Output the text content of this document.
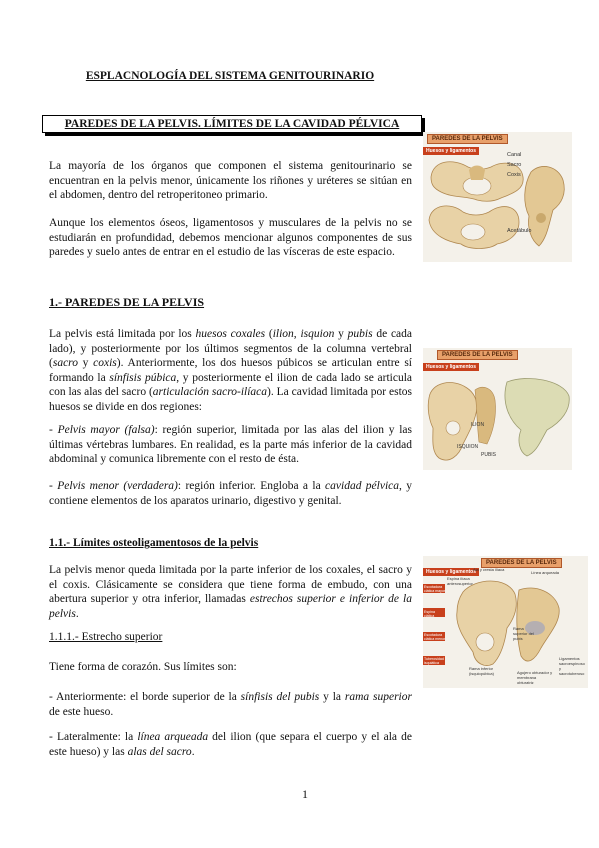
ESPLACNOLOGÍA DEL SISTEMA GENITOURINARIO
PAREDES DE LA PELVIS. LÍMITES DE LA CAVIDAD PÉLVICA
La mayoría de los órganos que componen el sistema genitourinario se encuentran en la pelvis menor, únicamente los riñones y uréteres se sitúan en el abdomen, dentro del retroperitoneo primario.
Aunque los elementos óseos, ligamentosos y musculares de la pelvis no se estudiarán en profundidad, debemos mencionar algunos componentes de sus paredes y suelo antes de entrar en el estudio de las vísceras de este espacio.
1.- PAREDES DE LA PELVIS
La pelvis está limitada por los huesos coxales (ilion, isquion y pubis de cada lado), y posteriormente por los últimos segmentos de la columna vertebral (sacro y coxis). Anteriormente, los dos huesos púbicos se articulan entre sí formando la sínfisis púbica, y posteriormente el ilion de cada lado se articula con las alas del sacro (articulación sacro-ilíaca). La cavidad limitada por estos huesos se divide en dos regiones:
- Pelvis mayor (falsa): región superior, limitada por las alas del ilion y las últimas vértebras lumbares. En realidad, es la parte más inferior de la cavidad abdominal y comunica libremente con el resto de ésta.
- Pelvis menor (verdadera): región inferior. Engloba a la cavidad pélvica, y contiene elementos de los aparatos urinario, digestivo y genital.
1.1.- Límites osteoligamentosos de la pelvis
La pelvis menor queda limitada por la parte inferior de los coxales, el sacro y el coxis. Clásicamente se considera que tiene forma de embudo, con una abertura superior y otra inferior, llamadas estrechos superior e inferior de la pelvis.
1.1.1.- Estrecho superior
Tiene forma de corazón. Sus límites son:
- Anteriormente: el borde superior de la sínfisis del pubis y la rama superior de este hueso.
- Lateralmente: la línea arqueada del ilion (que separa el cuerpo y el ala de este hueso) y las alas del sacro.
1
PAREDES DE LA PELVIS
Huesos y ligamentos
Canal
Sacro
Coxis
Acetábulo
PAREDES DE LA PELVIS
Huesos y ligamentos
ILION
ISQUION
PUBIS
PAREDES DE LA PELVIS
Huesos y ligamentos
Ala y cresta ilíaca
Línea arqueada
Espina ilíaca anterosuperior
Escotadura ciática mayor
Espina ciática
Escotadura ciática menor
Tuberosidad isquiática
Rama superior del pubis
Rama inferior (isquiopúbica)	Agujero obturador y membrana obturatriz
Ligamentos sacroespinoso y sacrotuberoso
